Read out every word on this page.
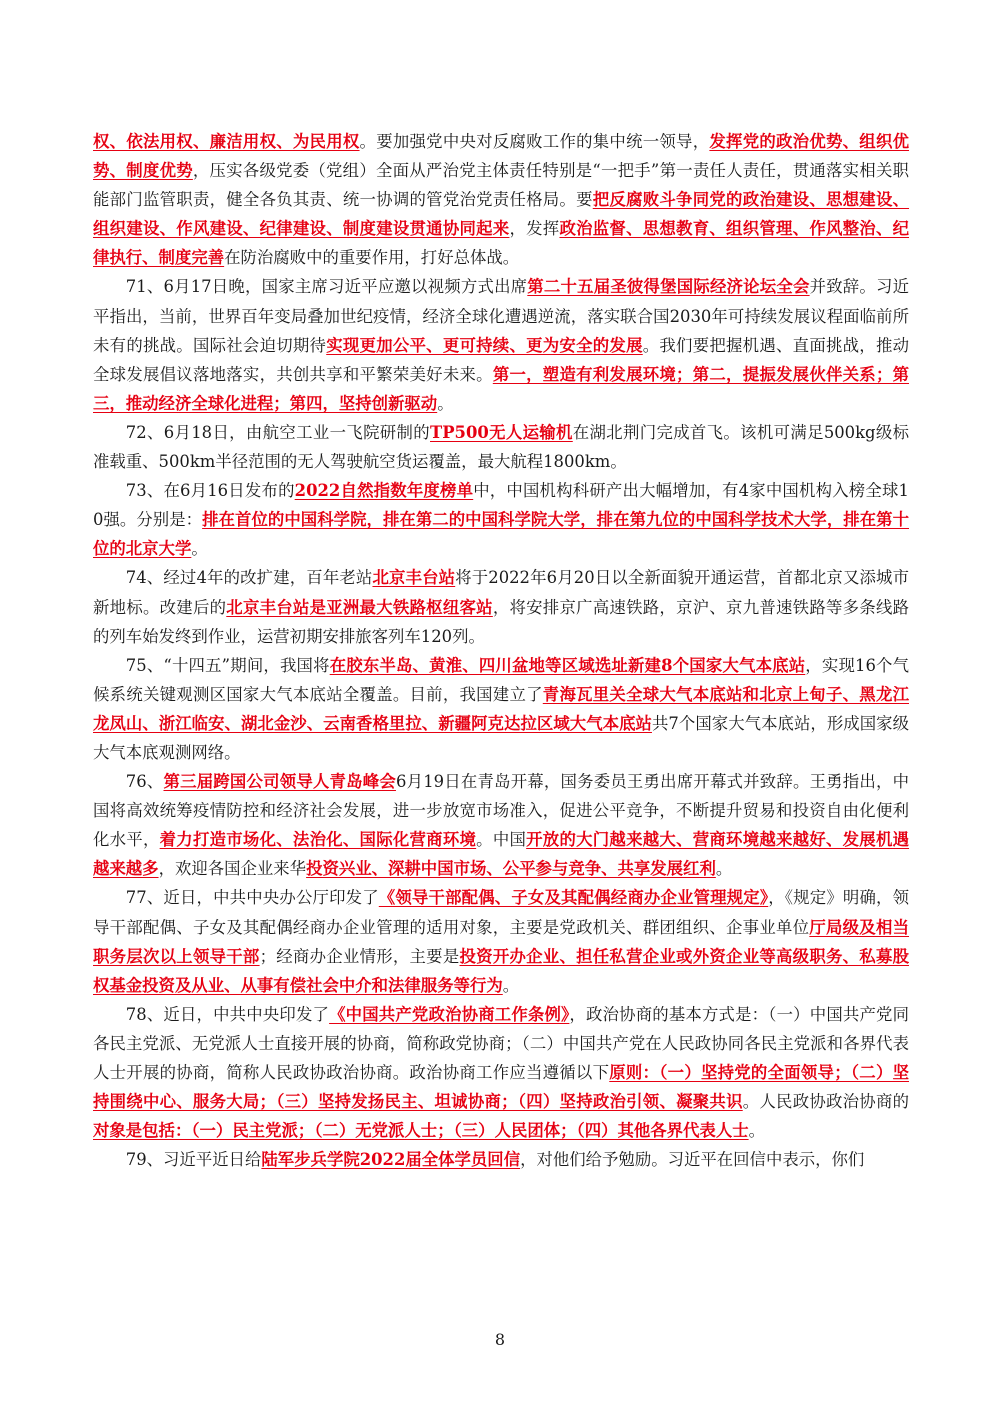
权、依法用权、廉洁用权、为民用权。要加强党中央对反腐败工作的集中统一领导，发挥党的政治优势、组织优势、制度优势，压实各级党委（党组）全面从严治党主体责任特别是“一把手”第一责任人责任，贯通落实相关职能部门监管职责，健全各负其责、统一协调的管党治党责任格局。要把反腐败斗争同党的政治建设、思想建设、组织建设、作风建设、纪律建设、制度建设贯通协同起来，发挥政治监督、思想教育、组织管理、作风整治、纪律执行、制度完善在防治腐败中的重要作用，打好总体战。

71、6月17日晚，国家主席习近平应邀以视频方式出席第二十五届圣彼得堡国际经济论坛全会并致辞。习近平指出，当前，世界百年变局叠加世纪疫情，经济全球化遭遇逆流，落实联合国2030年可持续发展议程面临前所未有的挑战。国际社会迫切期待实现更加公平、更可持续、更为安全的发展。我们要把握机遇、直面挑战，推动全球发展倡议落地落实，共创共享和平繁荣美好未来。第一，塑造有利发展环境；第二，提振发展伙伴关系；第三，推动经济全球化进程；第四，坚持创新驱动。

72、6月18日，由航空工业一飞院研制的TP500无人运输机在湖北荆门完成首飞。该机可满足500kg级标准载重、500km半径范围的无人驾驶航空货运覆盖，最大航程1800km。

73、在6月16日发布的2022自然指数年度榜单中，中国机构科研产出大幅增加，有4家中国机构入榜全球10强。分别是：排在首位的中国科学院，排在第二的中国科学院大学，排在第九位的中国科学技术大学，排在第十位的北京大学。

74、经过4年的改扩建，百年老站北京丰台站将于2022年6月20日以全新面貌开通运营，首都北京又添城市新地标。改建后的北京丰台站是亚洲最大铁路枢纽客站，将安排京广高速铁路，京沪、京九普速铁路等多条线路的列车始发终到作业，运营初期安排旅客列车120列。

75、“十四五”期间，我国将在胶东半岛、黄淮、四川盆地等区域选址新建8个国家大气本底站，实现16个气候系统关键观测区国家大气本底站全覆盖。目前，我国建立了青海瓦里关全球大气本底站和北京上甸子、黑龙江龙凤山、浙江临安、湖北金沙、云南香格里拉、新疆阿克达拉区域大气本底站共7个国家大气本底站，形成国家级大气本底观测网络。

76、第三届跨国公司领导人青岛峰会6月19日在青岛开幕，国务委员王勇出席开幕式并致辞。王勇指出，中国将高效统筹疫情防控和经济社会发展，进一步放宽市场准入，促进公平竞争，不断提升贸易和投资自由化便利化水平，着力打造市场化、法治化、国际化营商环境。中国开放的大门越来越大、营商环境越来越好、发展机遇越来越多，欢迎各国企业来华投资兴业、深耕中国市场、公平参与竞争、共享发展红利。

77、近日，中共中央办公厅印发了《领导干部配偶、子女及其配偶经商办企业管理规定》，《规定》明确，领导干部配偶、子女及其配偶经商办企业管理的适用对象，主要是党政机关、群团组织、企事业单位厅局级及相当职务层次以上领导干部；经商办企业情形，主要是投资开办企业、担任私营企业或外资企业等高级职务、私募股权基金投资及从业、从事有偿社会中介和法律服务等行为。

78、近日，中共中央印发了《中国共产党政治协商工作条例》，政治协商的基本方式是：（一）中国共产党同各民主党派、无党派人士直接开展的协商，简称政党协商；（二）中国共产党在人民政协同各民主党派和各界代表人士开展的协商，简称人民政协政治协商。政治协商工作应当遵循以下原则：（一）坚持党的全面领导；（二）坚持围绕中心、服务大局；（三）坚持发扬民主、坦诚协商；（四）坚持政治引领、凝聚共识。人民政协政治协商的对象是包括：（一）民主党派；（二）无党派人士；（三）人民团体；（四）其他各界代表人士。

79、习近平近日给陆军步兵学院2022届全体学员回信，对他们给予勉励。习近平在回信中表示，你们

8
